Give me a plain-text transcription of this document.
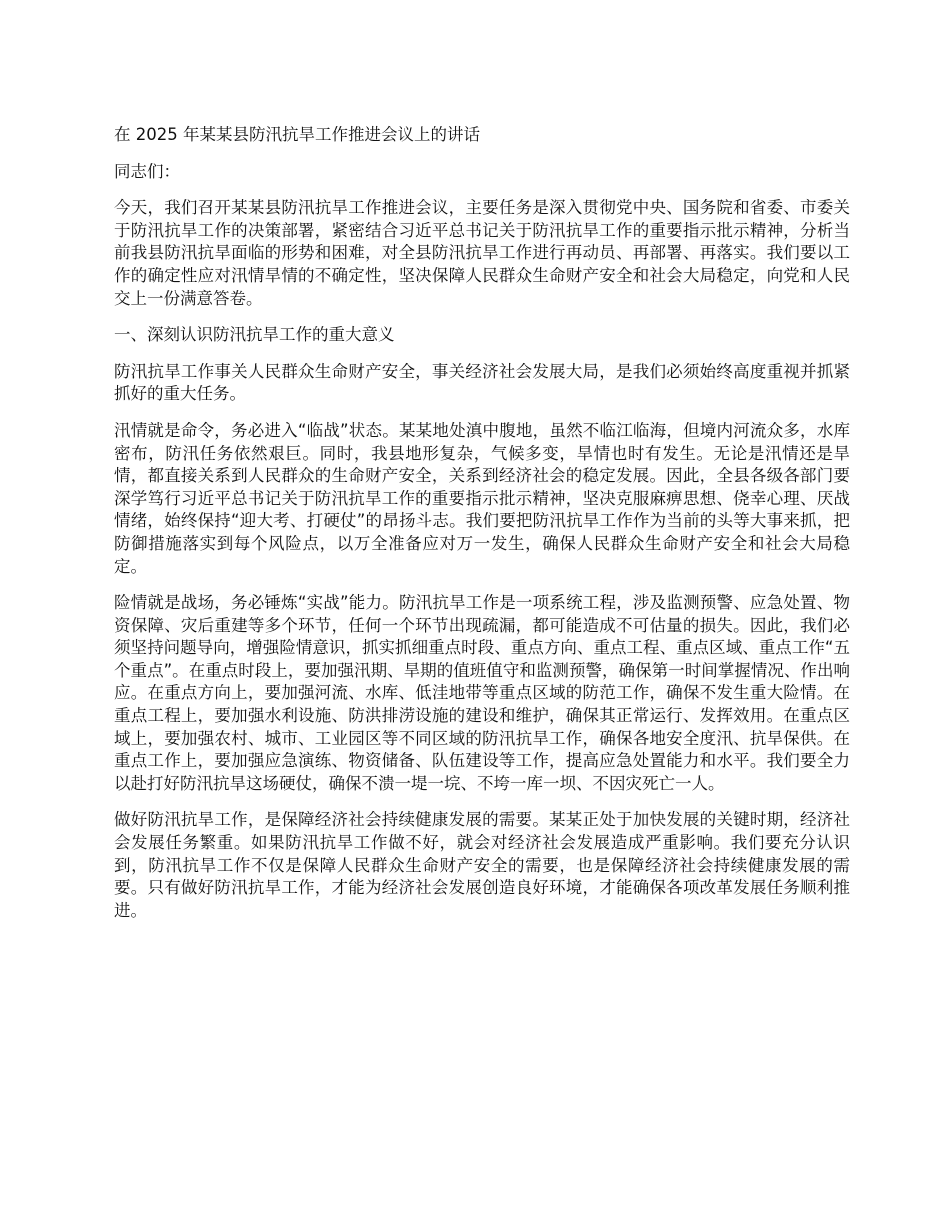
在 2025 年某某县防汛抗旱工作推进会议上的讲话

同志们：

今天，我们召开某某县防汛抗旱工作推进会议，主要任务是深入贯彻党中央、国务院和省委、市委关于防汛抗旱工作的决策部署，紧密结合习近平总书记关于防汛抗旱工作的重要指示批示精神，分析当前我县防汛抗旱面临的形势和困难，对全县防汛抗旱工作进行再动员、再部署、再落实。我们要以工作的确定性应对汛情旱情的不确定性，坚决保障人民群众生命财产安全和社会大局稳定，向党和人民交上一份满意答卷。

一、深刻认识防汛抗旱工作的重大意义

防汛抗旱工作事关人民群众生命财产安全，事关经济社会发展大局，是我们必须始终高度重视并抓紧抓好的重大任务。

汛情就是命令，务必进入“临战”状态。某某地处滇中腹地，虽然不临江临海，但境内河流众多，水库密布，防汛任务依然艰巨。同时，我县地形复杂，气候多变，旱情也时有发生。无论是汛情还是旱情，都直接关系到人民群众的生命财产安全，关系到经济社会的稳定发展。因此，全县各级各部门要深学笃行习近平总书记关于防汛抗旱工作的重要指示批示精神，坚决克服麻痹思想、侥幸心理、厌战情绪，始终保持“迎大考、打硬仗”的昂扬斗志。我们要把防汛抗旱工作作为当前的头等大事来抓，把防御措施落实到每个风险点，以万全准备应对万一发生，确保人民群众生命财产安全和社会大局稳定。

险情就是战场，务必锤炼“实战”能力。防汛抗旱工作是一项系统工程，涉及监测预警、应急处置、物资保障、灾后重建等多个环节，任何一个环节出现疏漏，都可能造成不可估量的损失。因此，我们必须坚持问题导向，增强险情意识，抓实抓细重点时段、重点方向、重点工程、重点区域、重点工作“五个重点”。在重点时段上，要加强汛期、旱期的值班值守和监测预警，确保第一时间掌握情况、作出响应。在重点方向上，要加强河流、水库、低洼地带等重点区域的防范工作，确保不发生重大险情。在重点工程上，要加强水利设施、防洪排涝设施的建设和维护，确保其正常运行、发挥效用。在重点区域上，要加强农村、城市、工业园区等不同区域的防汛抗旱工作，确保各地安全度汛、抗旱保供。在重点工作上，要加强应急演练、物资储备、队伍建设等工作，提高应急处置能力和水平。我们要全力以赴打好防汛抗旱这场硬仗，确保不溃一堤一垸、不垮一库一坝、不因灾死亡一人。

做好防汛抗旱工作，是保障经济社会持续健康发展的需要。某某正处于加快发展的关键时期，经济社会发展任务繁重。如果防汛抗旱工作做不好，就会对经济社会发展造成严重影响。我们要充分认识到，防汛抗旱工作不仅是保障人民群众生命财产安全的需要，也是保障经济社会持续健康发展的需要。只有做好防汛抗旱工作，才能为经济社会发展创造良好环境，才能确保各项改革发展任务顺利推进。
